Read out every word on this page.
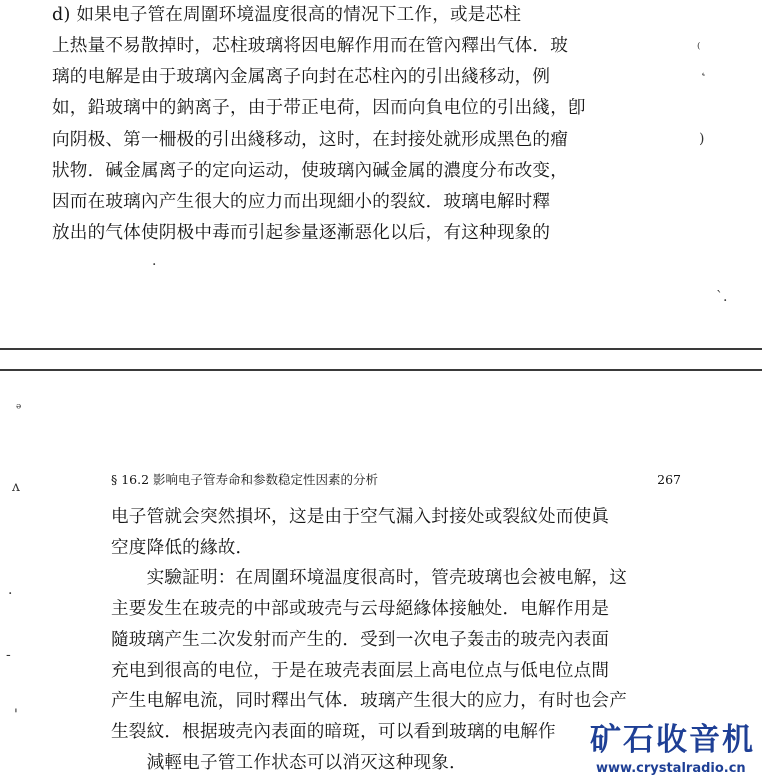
d) 如果电子管在周圍环境温度很高的情况下工作，或是芯柱
上热量不易散掉时，芯柱玻璃将因电解作用而在管內釋出气体．玻
璃的电解是由于玻璃內金属离子向封在芯柱內的引出綫移动，例
如，鉛玻璃中的鈉离子，由于带正电荷，因而向負电位的引出綫，卽
向阴极、第一柵极的引出綫移动，这时，在封接处就形成黑色的瘤
狀物．碱金属离子的定向运动，使玻璃內碱金属的濃度分布改变，
因而在玻璃內产生很大的应力而出现細小的裂紋．玻璃电解时釋
放出的气体使阴极中毒而引起参量逐漸惡化以后，有这种现象的
⁽
˛
)
·
ˋ.
ᵊ
ʌ
·
-
'
§ 16.2 影响电子管寿命和参数稳定性因素的分析	267
电子管就会突然損坏，这是由于空气漏入封接处或裂紋处而使眞
空度降低的緣故．
　　实驗証明：在周圍环境温度很高时，管壳玻璃也会被电解，这
主要发生在玻壳的中部或玻壳与云母絕緣体接触处．电解作用是
隨玻璃产生二次发射而产生的．受到一次电子轰击的玻壳內表面
充电到很高的电位，于是在玻壳表面层上高电位点与低电位点間
产生电解电流，同时釋出气体．玻璃产生很大的应力，有时也会产
生裂紋．根据玻壳內表面的暗斑，可以看到玻璃的电解作
　　減輕电子管工作状态可以消灭这种现象．
矿石收音机
www.crystalradio.cn
